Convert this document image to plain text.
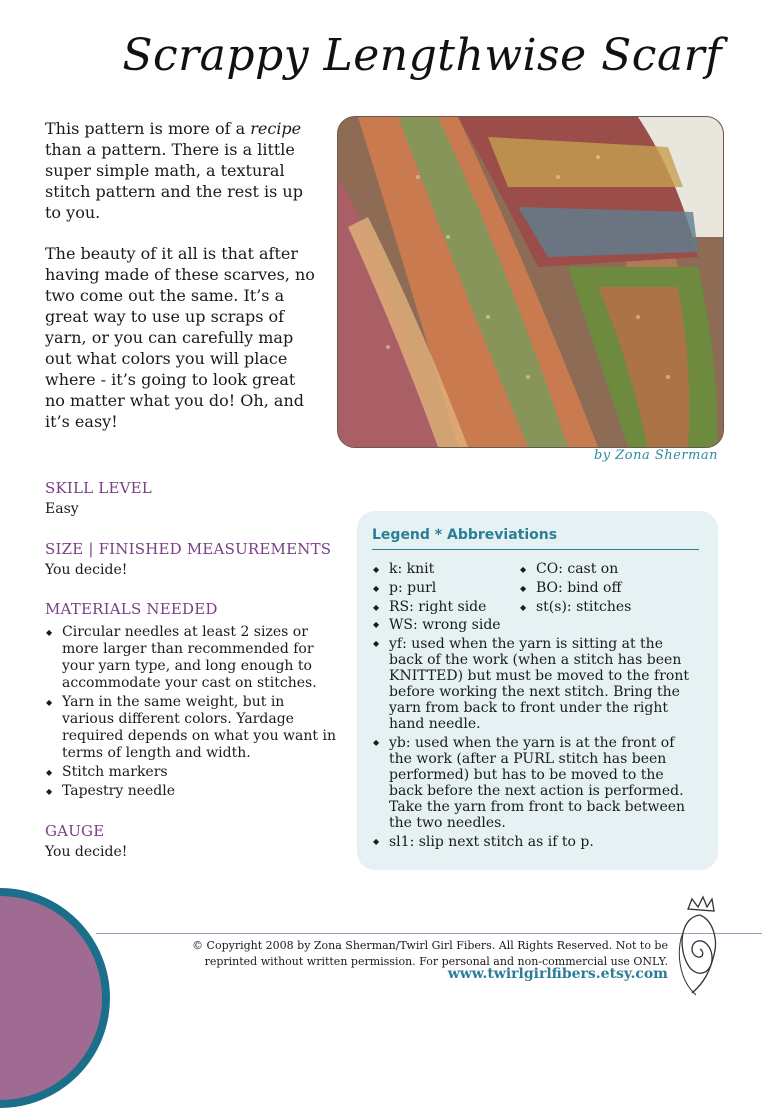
Scrappy Lengthwise Scarf

This pattern is more of a recipe than a pattern. There is a little super simple math, a textural stitch pattern and the rest is up to you.

The beauty of it all is that after having made of these scarves, no two come out the same. It’s a great way to use up scraps of yarn, or you can carefully map out what colors you will place where - it’s going to look great no matter what you do! Oh, and it’s easy!

by Zona Sherman
SKILL LEVEL
Easy
SIZE | FINISHED MEASUREMENTS
You decide!
MATERIALS NEEDED
◆ Circular needles at least 2 sizes or more larger than recommended for your yarn type, and long enough to accommodate your cast on stitches.
◆ Yarn in the same weight, but in various different colors. Yardage required depends on what you want in terms of length and width.
◆ Stitch markers
◆ Tapestry needle
GAUGE
You decide!
Legend * Abbreviations
◆ k: knit
◆ p: purl
◆ RS: right side
◆ CO: cast on
◆ BO: bind off
◆ st(s): stitches
◆ WS: wrong side
◆ yf: used when the yarn is sitting at the back of the work (when a stitch has been KNITTED) but must be moved to the front before working the next stitch. Bring the yarn from back to front under the right hand needle.
◆ yb: used when the yarn is at the front of the work (after a PURL stitch has been performed) but has to be moved to the back before the next action is performed. Take the yarn from front to back between the two needles.
◆ sl1: slip next stitch as if to p.
© Copyright 2008 by Zona Sherman/Twirl Girl Fibers. All Rights Reserved. Not to be
reprinted without written permission. For personal and non-commercial use ONLY.
www.twirlgirlfibers.etsy.com
